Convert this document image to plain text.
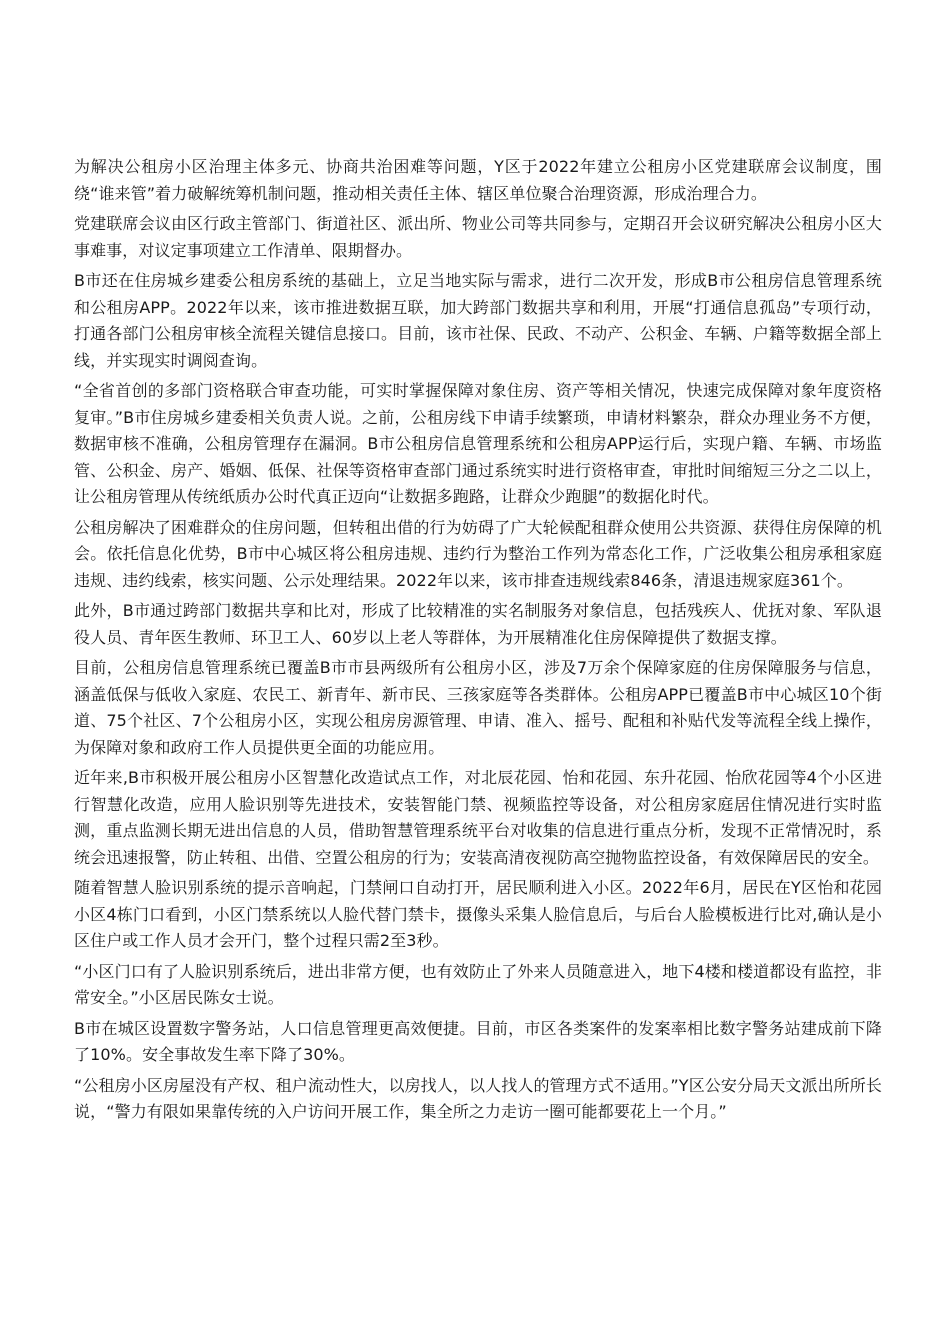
为解决公租房小区治理主体多元、协商共治困难等问题，Y区于2022年建立公租房小区党建联席会议制度，围绕“谁来管”着力破解统筹机制问题，推动相关责任主体、辖区单位聚合治理资源，形成治理合力。

党建联席会议由区行政主管部门、街道社区、派出所、物业公司等共同参与，定期召开会议研究解决公租房小区大事难事，对议定事项建立工作清单、限期督办。

B市还在住房城乡建委公租房系统的基础上，立足当地实际与需求，进行二次开发，形成B市公租房信息管理系统和公租房APP。2022年以来，该市推进数据互联，加大跨部门数据共享和利用，开展“打通信息孤岛”专项行动，打通各部门公租房审核全流程关键信息接口。目前，该市社保、民政、不动产、公积金、车辆、户籍等数据全部上线，并实现实时调阅查询。

“全省首创的多部门资格联合审查功能，可实时掌握保障对象住房、资产等相关情况，快速完成保障对象年度资格复审。”B市住房城乡建委相关负责人说。之前，公租房线下申请手续繁琐，申请材料繁杂，群众办理业务不方便，数据审核不准确，公租房管理存在漏洞。B市公租房信息管理系统和公租房APP运行后，实现户籍、车辆、市场监管、公积金、房产、婚姻、低保、社保等资格审查部门通过系统实时进行资格审查，审批时间缩短三分之二以上，让公租房管理从传统纸质办公时代真正迈向“让数据多跑路，让群众少跑腿”的数据化时代。

公租房解决了困难群众的住房问题，但转租出借的行为妨碍了广大轮候配租群众使用公共资源、获得住房保障的机会。依托信息化优势，B市中心城区将公租房违规、违约行为整治工作列为常态化工作，广泛收集公租房承租家庭违规、违约线索，核实问题、公示处理结果。2022年以来，该市排查违规线索846条，清退违规家庭361个。

此外，B市通过跨部门数据共享和比对，形成了比较精准的实名制服务对象信息，包括残疾人、优抚对象、军队退役人员、青年医生教师、环卫工人、60岁以上老人等群体，为开展精准化住房保障提供了数据支撑。

目前，公租房信息管理系统已覆盖B市市县两级所有公租房小区，涉及7万余个保障家庭的住房保障服务与信息，涵盖低保与低收入家庭、农民工、新青年、新市民、三孩家庭等各类群体。公租房APP已覆盖B市中心城区10个街道、75个社区、7个公租房小区，实现公租房房源管理、申请、准入、摇号、配租和补贴代发等流程全线上操作，为保障对象和政府工作人员提供更全面的功能应用。

近年来,B市积极开展公租房小区智慧化改造试点工作，对北辰花园、怡和花园、东升花园、怡欣花园等4个小区进行智慧化改造，应用人脸识别等先进技术，安装智能门禁、视频监控等设备，对公租房家庭居住情况进行实时监测，重点监测长期无进出信息的人员，借助智慧管理系统平台对收集的信息进行重点分析，发现不正常情况时，系统会迅速报警，防止转租、出借、空置公租房的行为；安装高清夜视防高空抛物监控设备，有效保障居民的安全。

随着智慧人脸识别系统的提示音响起，门禁闸口自动打开，居民顺利进入小区。2022年6月，居民在Y区怡和花园小区4栋门口看到，小区门禁系统以人脸代替门禁卡，摄像头采集人脸信息后，与后台人脸模板进行比对,确认是小区住户或工作人员才会开门，整个过程只需2至3秒。

“小区门口有了人脸识别系统后，进出非常方便，也有效防止了外来人员随意进入，地下4楼和楼道都设有监控，非常安全。”小区居民陈女士说。

B市在城区设置数字警务站，人口信息管理更高效便捷。目前，市区各类案件的发案率相比数字警务站建成前下降了10%。安全事故发生率下降了30%。

“公租房小区房屋没有产权、租户流动性大，以房找人，以人找人的管理方式不适用。”Y区公安分局天文派出所所长说，“警力有限如果靠传统的入户访问开展工作，集全所之力走访一圈可能都要花上一个月。”
